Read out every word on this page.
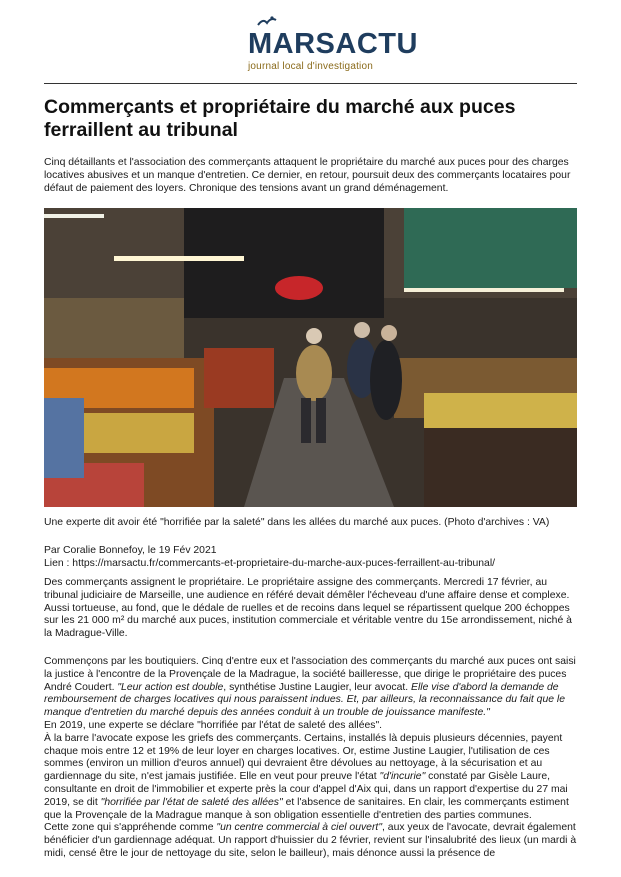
MARSACTU
journal local d'investigation
Commerçants et propriétaire du marché aux puces ferraillent au tribunal

Cinq détaillants et l'association des commerçants attaquent le propriétaire du marché aux puces pour des charges locatives abusives et un manque d'entretien. Ce dernier, en retour, poursuit deux des commerçants locataires pour défaut de paiement des loyers. Chronique des tensions avant un grand déménagement.

Une experte dit avoir été "horrifiée par la saleté" dans les allées du marché aux puces. (Photo d'archives : VA)

Par Coralie Bonnefoy, le 19 Fév 2021
Lien : https://marsactu.fr/commercants-et-proprietaire-du-marche-aux-puces-ferraillent-au-tribunal/

Des commerçants assignent le propriétaire. Le propriétaire assigne des commerçants. Mercredi 17 février, au tribunal judiciaire de Marseille, une audience en référé devait démêler l'écheveau d'une affaire dense et complexe. Aussi tortueuse, au fond, que le dédale de ruelles et de recoins dans lequel se répartissent quelque 200 échoppes sur les 21 000 m² du marché aux puces, institution commerciale et véritable ventre du 15e arrondissement, niché à la Madrague-Ville.

Commençons par les boutiquiers. Cinq d'entre eux et l'association des commerçants du marché aux puces ont saisi la justice à l'encontre de la Provençale de la Madrague, la société bailleresse, que dirige le propriétaire des puces André Coudert. "Leur action est double, synthétise Justine Laugier, leur avocat. Elle vise d'abord la demande de remboursement de charges locatives qui nous paraissent indues. Et, par ailleurs, la reconnaissance du fait que le manque d'entretien du marché depuis des années conduit à un trouble de jouissance manifeste."
En 2019, une experte se déclare "horrifiée par l'état de saleté des allées".
À la barre l'avocate expose les griefs des commerçants. Certains, installés là depuis plusieurs décennies, payent chaque mois entre 12 et 19% de leur loyer en charges locatives. Or, estime Justine Laugier, l'utilisation de ces sommes (environ un million d'euros annuel) qui devraient être dévolues au nettoyage, à la sécurisation et au gardiennage du site, n'est jamais justifiée. Elle en veut pour preuve l'état "d'incurie" constaté par Gisèle Laure, consultante en droit de l'immobilier et experte près la cour d'appel d'Aix qui, dans un rapport d'expertise du 27 mai 2019, se dit "horrifiée par l'état de saleté des allées" et l'absence de sanitaires. En clair, les commerçants estiment que la Provençale de la Madrague manque à son obligation essentielle d'entretien des parties communes.

Cette zone qui s'appréhende comme "un centre commercial à ciel ouvert", aux yeux de l'avocate, devrait également bénéficier d'un gardiennage adéquat. Un rapport d'huissier du 2 février, revient sur l'insalubrité des lieux (un mardi à midi, censé être le jour de nettoyage du site, selon le bailleur), mais dénonce aussi la présence de
